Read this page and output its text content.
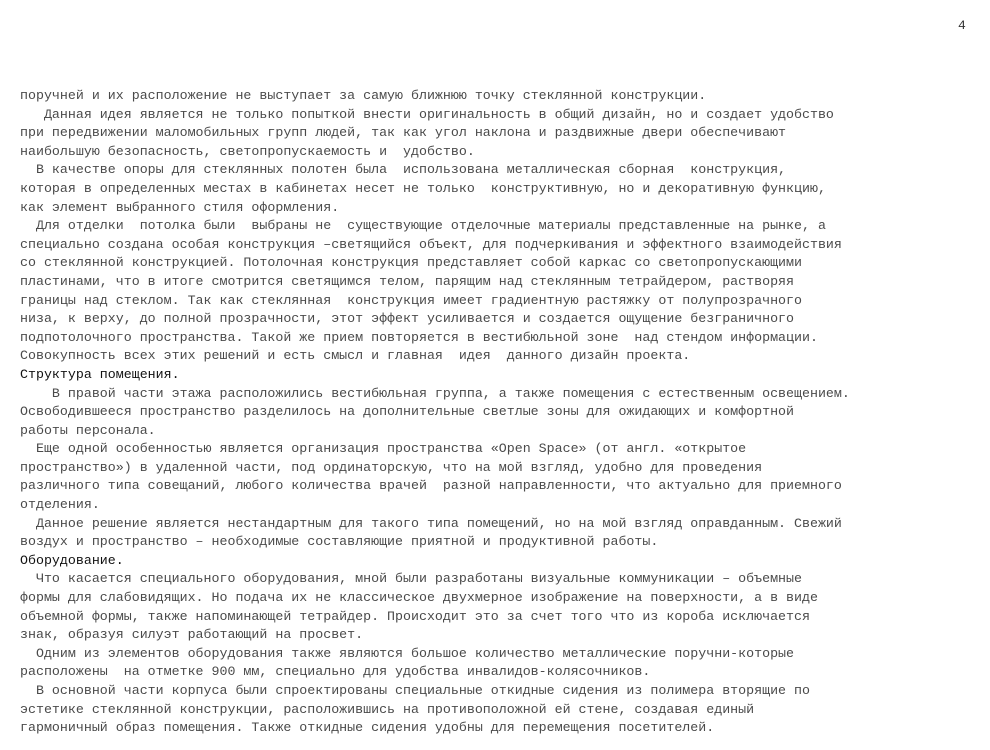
4
поручней и их расположение не выступает за самую ближнюю точку стеклянной конструкции.
Данная идея является не только попыткой внести оригинальность в общий дизайн, но и создает удобство
при передвижении маломобильных групп людей, так как угол наклона и раздвижные двери обеспечивают
наибольшую безопасность, светопропускаемость и  удобство.
В качестве опоры для стеклянных полотен была  использована металлическая сборная  конструкция,
которая в определенных местах в кабинетах несет не только  конструктивную, но и декоративную функцию,
как элемент выбранного стиля оформления.
Для отделки  потолка были  выбраны не  существующие отделочные материалы представленные на рынке, а
специально создана особая конструкция –светящийся объект, для подчеркивания и эффектного взаимодействия
со стеклянной конструкцией. Потолочная конструкция представляет собой каркас со светопропускающими
пластинами, что в итоге смотрится светящимся телом, парящим над стеклянным тетрайдером, растворяя
границы над стеклом. Так как стеклянная  конструкция имеет градиентную растяжку от полупрозрачного
низа, к верху, до полной прозрачности, этот эффект усиливается и создается ощущение безграничного
подпотолочного пространства. Такой же прием повторяется в вестибюльной зоне  над стендом информации.
Совокупность всех этих решений и есть смысл и главная  идея  данного дизайн проекта.
Структура помещения.
В правой части этажа расположились вестибюльная группа, а также помещения с естественным освещением.
Освободившееся пространство разделилось на дополнительные светлые зоны для ожидающих и комфортной
работы персонала.
Еще одной особенностью является организация пространства «Open Space» (от англ. «открытое
пространство») в удаленной части, под ординаторскую, что на мой взгляд, удобно для проведения
различного типа совещаний, любого количества врачей  разной направленности, что актуально для приемного
отделения.
Данное решение является нестандартным для такого типа помещений, но на мой взгляд оправданным. Свежий
воздух и пространство – необходимые составляющие приятной и продуктивной работы.
Оборудование.
Что касается специального оборудования, мной были разработаны визуальные коммуникации – объемные
формы для слабовидящих. Но подача их не классическое двухмерное изображение на поверхности, а в виде
объемной формы, также напоминающей тетрайдер. Происходит это за счет того что из короба исключается
знак, образуя силуэт работающий на просвет.
Одним из элементов оборудования также являются большое количество металлические поручни-которые
расположены  на отметке 900 мм, специально для удобства инвалидов-колясочников.
В основной части корпуса были спроектированы специальные откидные сидения из полимера вторящие по
эстетике стеклянной конструкции, расположившись на противоположной ей стене, создавая единый
гармоничный образ помещения. Также откидные сидения удобны для перемещения посетителей.
